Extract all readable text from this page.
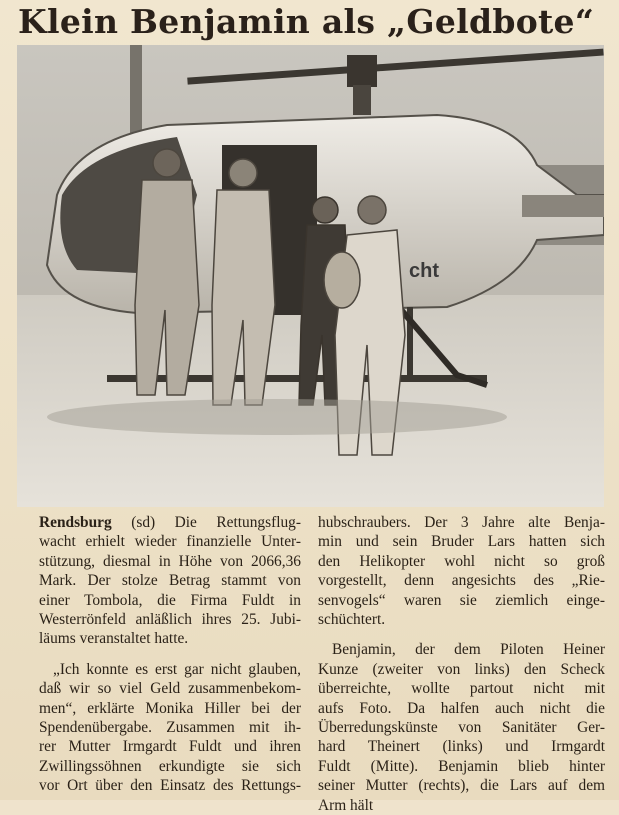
Klein Benjamin als „Geldbote“
cht

Rendsburg (sd) Die Rettungsflug-
wacht erhielt wieder finanzielle Unter-
stützung, diesmal in Höhe von 2066,36
Mark. Der stolze Betrag stammt von
einer Tombola, die Firma Fuldt in
Westerrönfeld anläßlich ihres 25. Jubi-
läums veranstaltet hatte.

„Ich konnte es erst gar nicht glauben,
daß wir so viel Geld zusammenbekom-
men“, erklärte Monika Hiller bei der
Spendenübergabe. Zusammen mit ih-
rer Mutter Irmgardt Fuldt und ihren
Zwillingssöhnen erkundigte sie sich
vor Ort über den Einsatz des Rettungs-

hubschraubers. Der 3 Jahre alte Benja-
min und sein Bruder Lars hatten sich
den Helikopter wohl nicht so groß
vorgestellt, denn angesichts des „Rie-
senvogels“ waren sie ziemlich einge-
schüchtert.

Benjamin, der dem Piloten Heiner
Kunze (zweiter von links) den Scheck
überreichte, wollte partout nicht mit
aufs Foto. Da halfen auch nicht die
Überredungskünste von Sanitäter Ger-
hard Theinert (links) und Irmgardt
Fuldt (Mitte). Benjamin blieb hinter
seiner Mutter (rechts), die Lars auf dem
Arm hält
